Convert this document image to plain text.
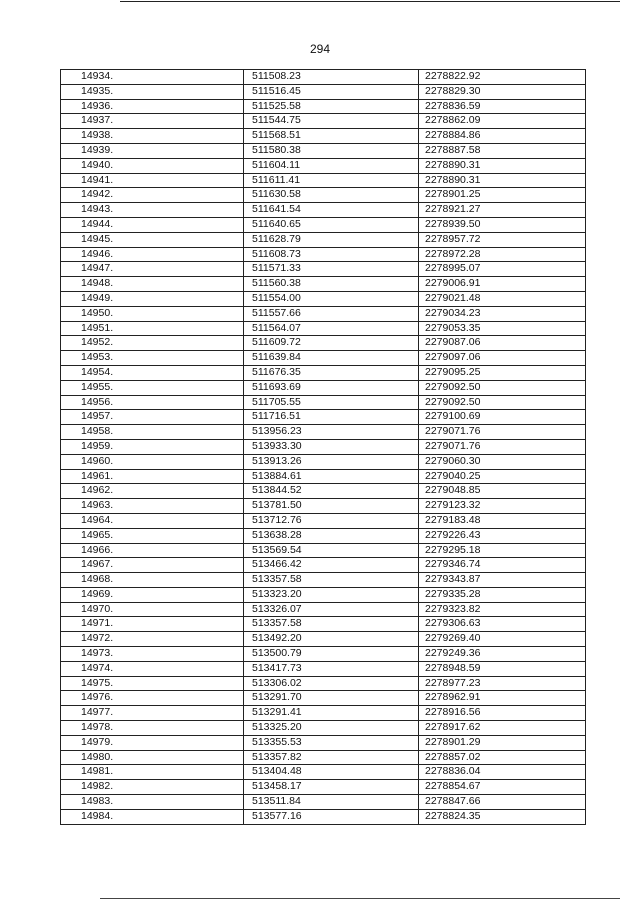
294
14934.	511508.23	2278822.92
14935.	511516.45	2278829.30
14936.	511525.58	2278836.59
14937.	511544.75	2278862.09
14938.	511568.51	2278884.86
14939.	511580.38	2278887.58
14940.	511604.11	2278890.31
14941.	511611.41	2278890.31
14942.	511630.58	2278901.25
14943.	511641.54	2278921.27
14944.	511640.65	2278939.50
14945.	511628.79	2278957.72
14946.	511608.73	2278972.28
14947.	511571.33	2278995.07
14948.	511560.38	2279006.91
14949.	511554.00	2279021.48
14950.	511557.66	2279034.23
14951.	511564.07	2279053.35
14952.	511609.72	2279087.06
14953.	511639.84	2279097.06
14954.	511676.35	2279095.25
14955.	511693.69	2279092.50
14956.	511705.55	2279092.50
14957.	511716.51	2279100.69
14958.	513956.23	2279071.76
14959.	513933.30	2279071.76
14960.	513913.26	2279060.30
14961.	513884.61	2279040.25
14962.	513844.52	2279048.85
14963.	513781.50	2279123.32
14964.	513712.76	2279183.48
14965.	513638.28	2279226.43
14966.	513569.54	2279295.18
14967.	513466.42	2279346.74
14968.	513357.58	2279343.87
14969.	513323.20	2279335.28
14970.	513326.07	2279323.82
14971.	513357.58	2279306.63
14972.	513492.20	2279269.40
14973.	513500.79	2279249.36
14974.	513417.73	2278948.59
14975.	513306.02	2278977.23
14976.	513291.70	2278962.91
14977.	513291.41	2278916.56
14978.	513325.20	2278917.62
14979.	513355.53	2278901.29
14980.	513357.82	2278857.02
14981.	513404.48	2278836.04
14982.	513458.17	2278854.67
14983.	513511.84	2278847.66
14984.	513577.16	2278824.35
